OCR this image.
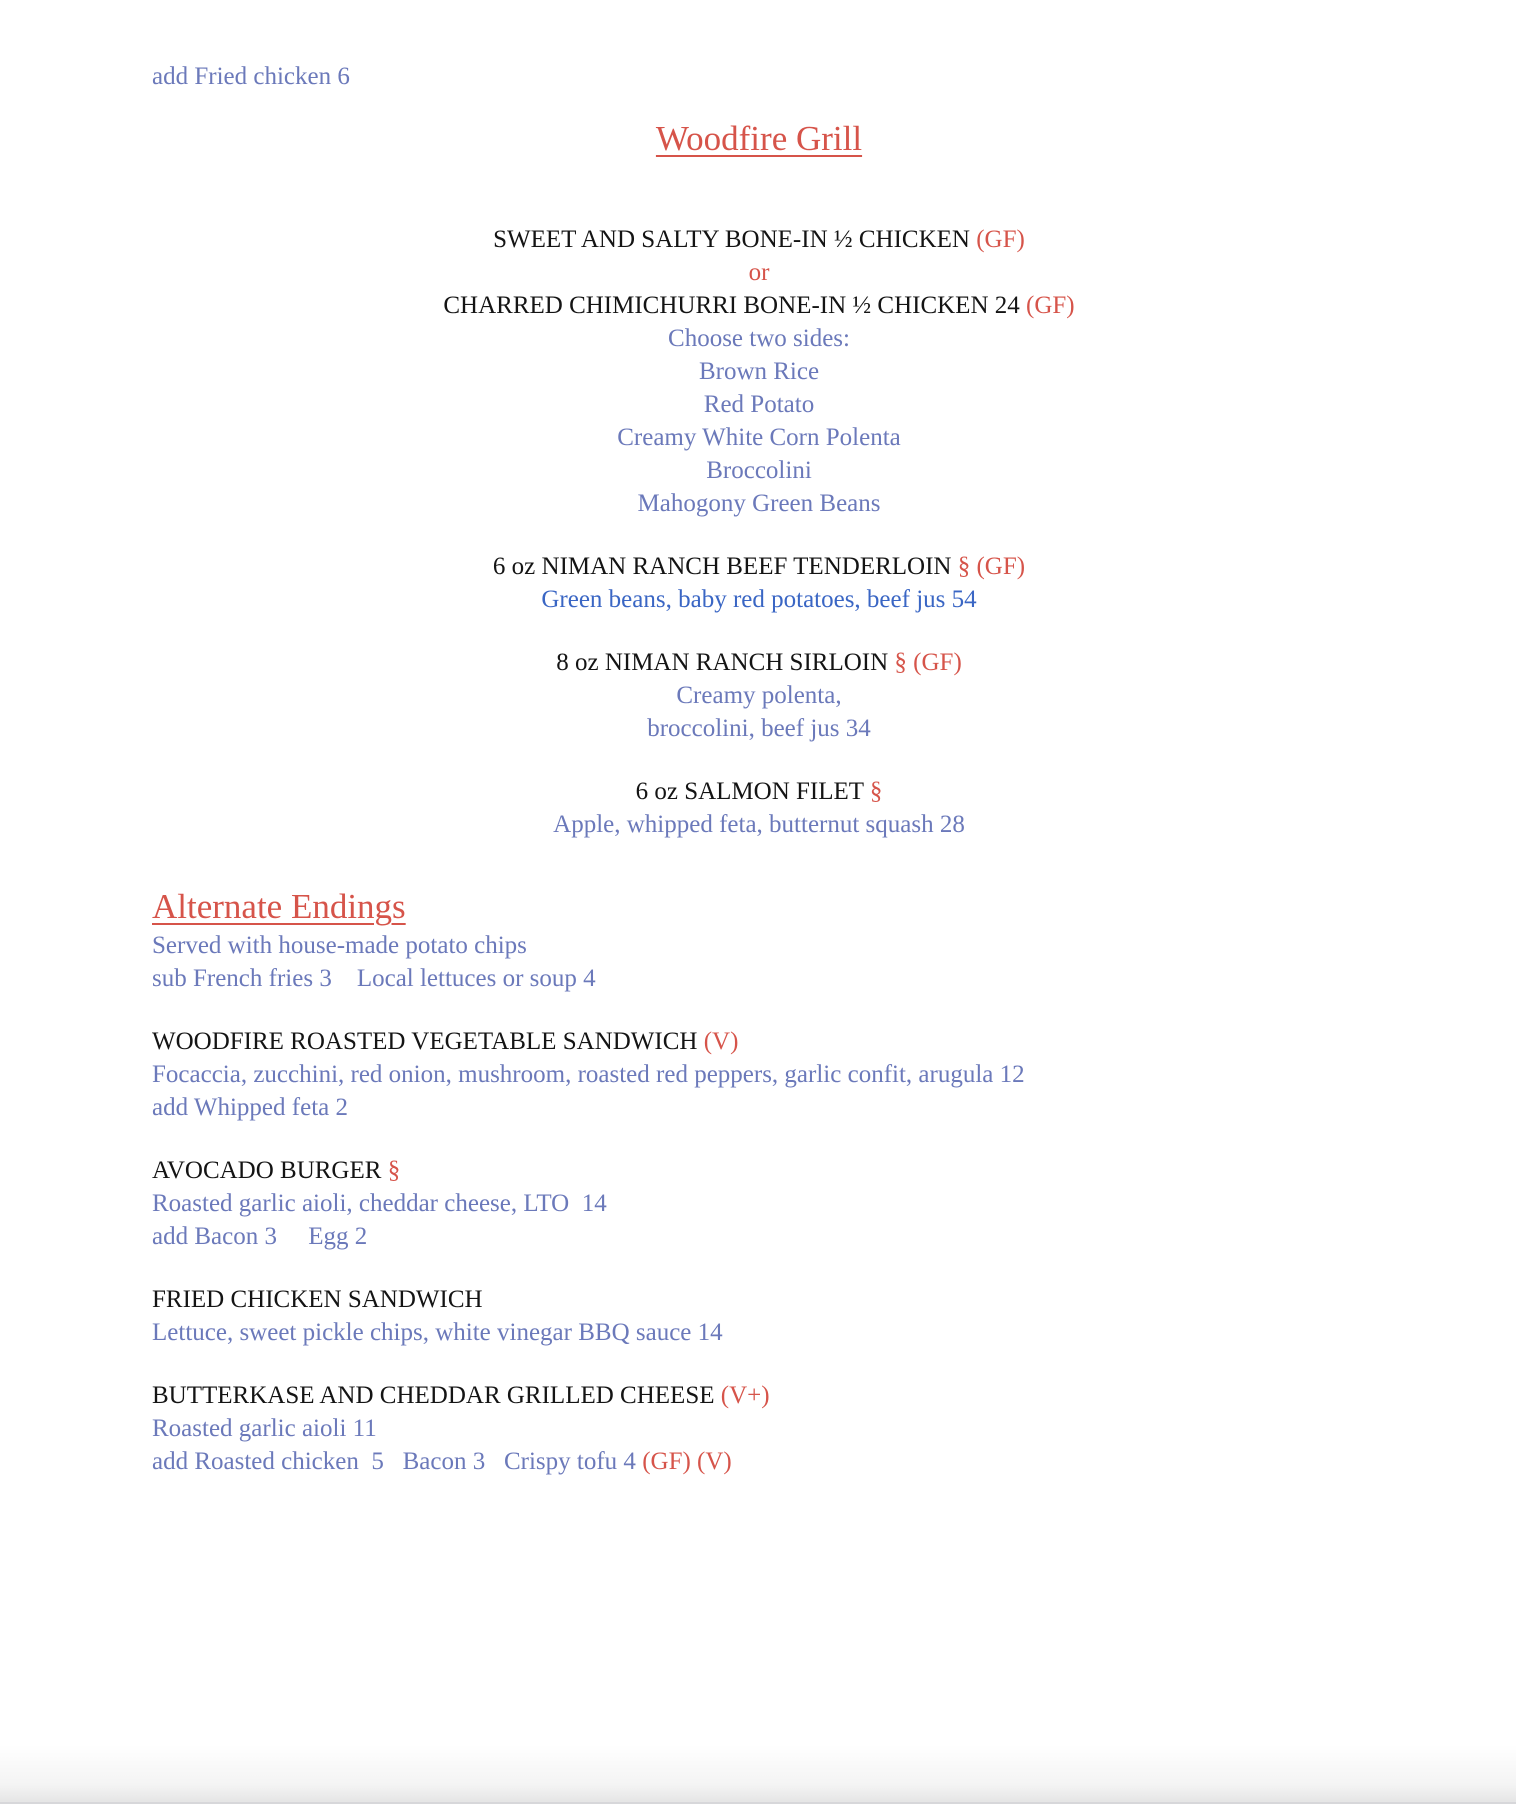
add Fried chicken 6

Woodfire Grill

SWEET AND SALTY BONE-IN ½ CHICKEN (GF)

or

CHARRED CHIMICHURRI BONE-IN ½ CHICKEN 24 (GF)

Choose two sides:

Brown Rice

Red Potato

Creamy White Corn Polenta

Broccolini

Mahogony Green Beans

6 oz NIMAN RANCH BEEF TENDERLOIN § (GF)

Green beans, baby red potatoes, beef jus 54

8 oz NIMAN RANCH SIRLOIN § (GF)

Creamy polenta,

broccolini, beef jus 34

6 oz SALMON FILET §

Apple, whipped feta, butternut squash 28

Alternate Endings

Served with house-made potato chips

sub French fries 3    Local lettuces or soup 4

WOODFIRE ROASTED VEGETABLE SANDWICH (V)

Focaccia, zucchini, red onion, mushroom, roasted red peppers, garlic confit, arugula 12

add Whipped feta 2

AVOCADO BURGER §

Roasted garlic aioli, cheddar cheese, LTO  14

add Bacon 3     Egg 2

FRIED CHICKEN SANDWICH

Lettuce, sweet pickle chips, white vinegar BBQ sauce 14

BUTTERKASE AND CHEDDAR GRILLED CHEESE (V+)

Roasted garlic aioli 11

add Roasted chicken  5   Bacon 3   Crispy tofu 4 (GF) (V)
